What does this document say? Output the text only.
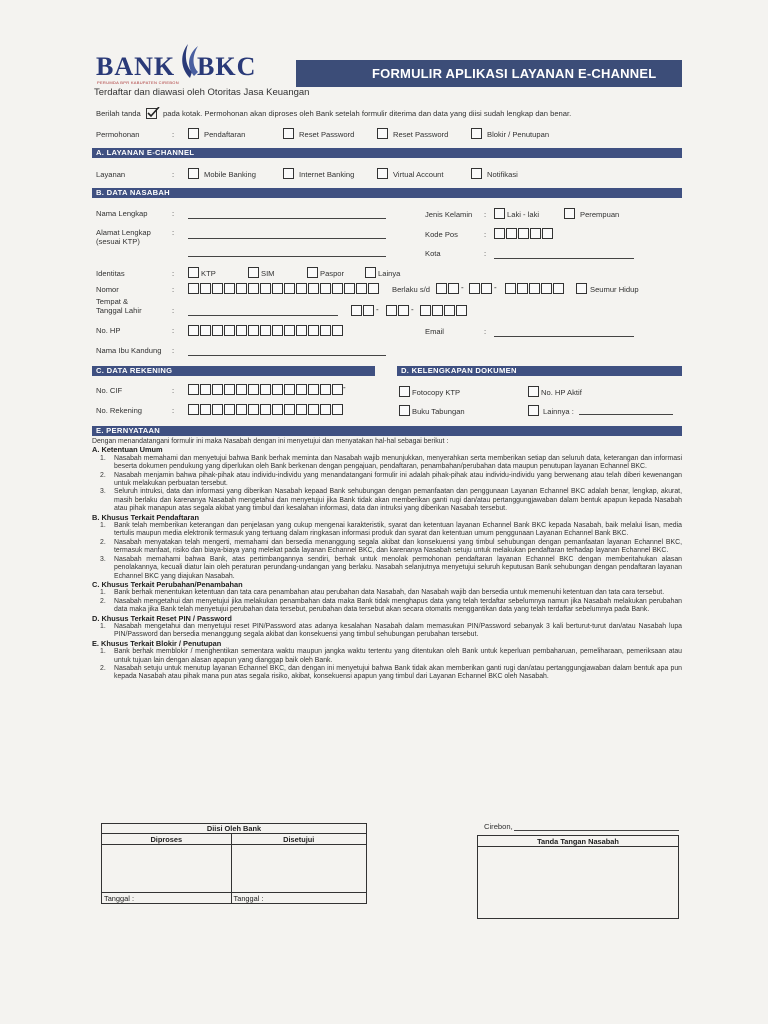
BANK BKC
PERUMDA BPR KABUPATEN CIREBON
Terdaftar dan diawasi oleh Otoritas Jasa Keuangan
FORMULIR APLIKASI LAYANAN E-CHANNEL
Berilah tanda	pada kotak. Permohonan akan diproses oleh Bank setelah formulir diterima dan data yang diisi sudah lengkap dan benar.
Permohonan	:	Pendaftaran	Reset Password	Reset Password	Blokir / Penutupan
A. LAYANAN E-CHANNEL
Layanan	:	Mobile Banking	Internet Banking	Virtual Account	Notifikasi
B. DATA NASABAH
Nama Lengkap	:	Jenis Kelamin :	Laki - laki	Perempuan
Alamat Lengkap
(sesuai KTP)
:	Kode Pos	:
Kota	:
Identitas	:	KTP	SIM	Paspor	Lainya
Nomor	:	Berlaku s/d	-	-	Seumur Hidup
Tempat &
Tanggal Lahir	:	-	-
No. HP	:	Email	:
Nama Ibu Kandung :
C. DATA REKENING	D. KELENGKAPAN DOKUMEN
No. CIF	:	-
No. Rekening	:
Fotocopy KTP	No. HP Aktif
Buku Tabungan	Lainnya :
E. PERNYATAAN
Dengan menandatangani formulir ini maka Nasabah dengan ini menyetujui dan menyatakan hal-hal sebagai berikut :
A. Ketentuan Umum
1.	Nasabah memahami dan menyetujui bahwa Bank berhak meminta dan Nasabah wajib menunjukkan, menyerahkan serta memberikan setiap dan seluruh data, keterangan dan informasi beserta dokumen pendukung yang diperlukan oleh Bank berkenan dengan pengajuan, pendaftaran, penambahan/perubahan data maupun penutupan layanan Echannel BKC.
2.	Nasabah menjamin bahwa pihak-pihak atau individu-individu yang menandatangani formulir ini adalah pihak-pihak atau individu-individu yang berwenang atau telah diberi kewenangan untuk melakukan perbuatan tersebut.
3.	Seluruh intruksi, data dan informasi yang diberikan Nasabah kepaad Bank sehubungan dengan pemanfaatan dan penggunaan Layanan Echannel BKC adalah benar, lengkap, akurat, masih berlaku dan karenanya Nasabah mengetahui dan menyetujui jika Bank tidak akan memberikan ganti rugi dan/atau pertanggungjawaban dalam bentuk apapun kepada Nasabah atau pihak manapun atas segala akibat yang timbul dari kesalahan informasi, data dan intruksi yang diberikan Nasabah tersebut.
B. Khusus Terkait Pendaftaran
1.	Bank telah memberikan keterangan dan penjelasan yang cukup mengenai karakteristik, syarat dan ketentuan layanan Echannel Bank BKC kepada Nasabah, baik melalui lisan, media tertulis maupun media elektronik termasuk yang tertuang dalam ringkasan informasi produk dan syarat dan ketentuan umum penggunaan Layanan Echannel Bank BKC.
2.	Nasabah menyatakan telah mengerti, memahami dan bersedia menanggung segala akibat dan konsekuensi yang timbul sehubungan dengan pemanfaatan layanan Echannel BKC, termasuk manfaat, risiko dan biaya-biaya yang melekat pada layanan Echannel BKC, dan karenanya Nasabah setuju untuk melakukan pendaftaran terhadap layanan Echannel BKC.
3.	Nasabah memahami bahwa Bank, atas pertimbangannya sendiri, berhak untuk menolak permohonan pendaftaran layanan Echannel BKC dengan memberitahukan alasan penolakannya, kecuali diatur lain oleh peraturan perundang-undangan yang berlaku. Nasabah selanjutnya menyetujui seluruh keputusan Bank sehubungan dengan pendaftaran layanan Echannel BKC yang diajukan Nasabah.
C. Khusus Terkait Perubahan/Penambahan
1.	Bank berhak menentukan ketentuan dan tata cara penambahan atau perubahan data Nasabah, dan Nasabah wajib dan bersedia untuk memenuhi ketentuan dan tata cara tersebut.
2.	Nasabah mengetahui dan menyetujui jika melakukan penambahan data maka Bank tidak menghapus data yang telah terdaftar sebelumnya namun jika Nasabah melakukan perubahan data maka jika Bank telah menyetujui perubahan data tersebut, perubahan data tersebut akan secara otomatis menggantikan data yang telah terdaftar sebelumnya pada Bank.
D. Khusus Terkait Reset PIN / Password
1.	Nasabah mengetahui dan menyetujui reset PIN/Password atas adanya kesalahan Nasabah dalam memasukan PIN/Password sebanyak 3 kali berturut-turut dan/atau Nasabah lupa PIN/Password dan bersedia menanggung segala akibat dan konsekuensi yang timbul sehubungan perubahan tersebut.
E. Khusus Terkait Blokir / Penutupan
1.	Bank berhak memblokir / menghentikan sementara waktu maupun jangka waktu tertentu yang ditentukan oleh Bank untuk keperluan pembaharuan, pemeliharaan, pemeriksaan atau untuk tujuan lain dengan alasan apapun yang dianggap baik oleh Bank.
2.	Nasabah setuju untuk menutup layanan Echannel BKC, dan dengan ini menyetujui bahwa Bank tidak akan memberikan ganti rugi dan/atau pertanggungjawaban dalam bentuk apa pun kepada Nasabah atau pihak mana pun atas segala risiko, akibat, konsekuensi apapun yang timbul dari Layanan Echannel BKC oleh Nasabah.
Diisi Oleh Bank	
Diproses	Disetujui

Tanggal :	Tanggal :
Cirebon,
Tanda Tangan Nasabah
